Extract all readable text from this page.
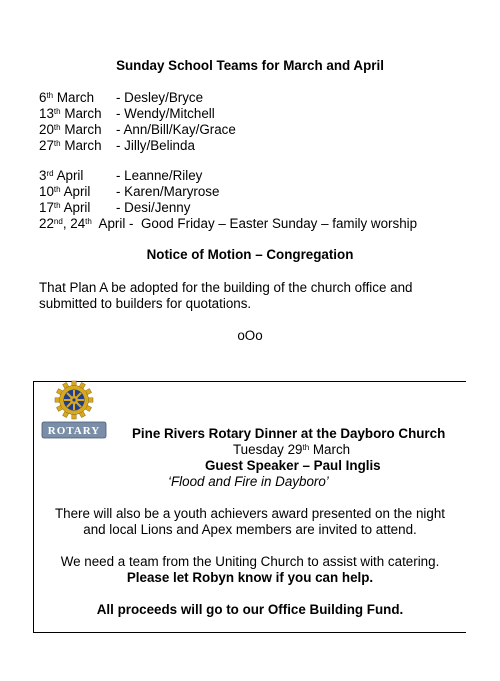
Sunday School Teams for March and April
6th March - Desley/Bryce
13th March - Wendy/Mitchell
20th March - Ann/Bill/Kay/Grace
27th March - Jilly/Belinda
3rd April - Leanne/Riley
10th April - Karen/Maryrose
17th April - Desi/Jenny
22nd, 24th  April -  Good Friday – Easter Sunday – family worship
Notice of Motion – Congregation
That Plan A be adopted for the building of the church office and
submitted to builders for quotations.
oOo
Pine Rivers Rotary Dinner at the Dayboro Church
Tuesday 29th March
Guest Speaker – Paul Inglis
‘Flood and Fire in Dayboro’
There will also be a youth achievers award presented on the night
and local Lions and Apex members are invited to attend.
We need a team from the Uniting Church to assist with catering.
Please let Robyn know if you can help.
All proceeds will go to our Office Building Fund.
ROTARY
